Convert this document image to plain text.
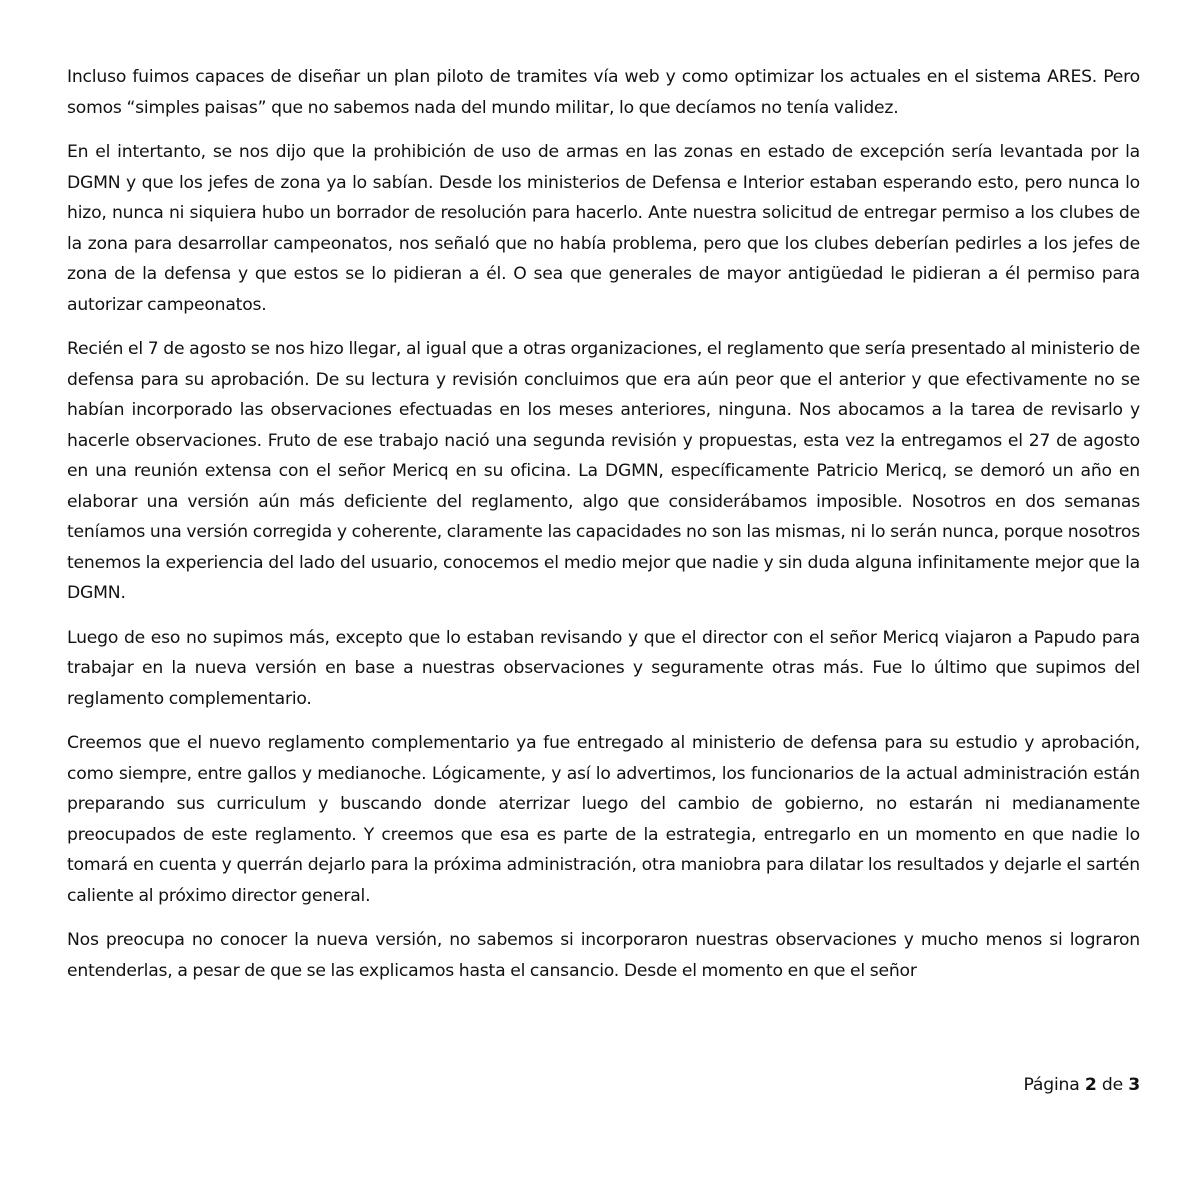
Incluso fuimos capaces de diseñar un plan piloto de tramites vía web y como optimizar los actuales en el sistema ARES. Pero somos “simples paisas” que no sabemos nada del mundo militar, lo que decíamos no tenía validez.

En el intertanto, se nos dijo que la prohibición de uso de armas en las zonas en estado de excepción sería levantada por la DGMN y que los jefes de zona ya lo sabían. Desde los ministerios de Defensa e Interior estaban esperando esto, pero nunca lo hizo, nunca ni siquiera hubo un borrador de resolución para hacerlo. Ante nuestra solicitud de entregar permiso a los clubes de la zona para desarrollar campeonatos, nos señaló que no había problema, pero que los clubes deberían pedirles a los jefes de zona de la defensa y que estos se lo pidieran a él. O sea que generales de mayor antigüedad le pidieran a él permiso para autorizar campeonatos.

Recién el 7 de agosto se nos hizo llegar, al igual que a otras organizaciones, el reglamento que sería presentado al ministerio de defensa para su aprobación. De su lectura y revisión concluimos que era aún peor que el anterior y que efectivamente no se habían incorporado las observaciones efectuadas en los meses anteriores, ninguna. Nos abocamos a la tarea de revisarlo y hacerle observaciones. Fruto de ese trabajo nació una segunda revisión y propuestas, esta vez la entregamos el 27 de agosto en una reunión extensa con el señor Mericq en su oficina. La DGMN, específicamente Patricio Mericq, se demoró un año en elaborar una versión aún más deficiente del reglamento, algo que considerábamos imposible. Nosotros en dos semanas teníamos una versión corregida y coherente, claramente las capacidades no son las mismas, ni lo serán nunca, porque nosotros tenemos la experiencia del lado del usuario, conocemos el medio mejor que nadie y sin duda alguna infinitamente mejor que la DGMN.

Luego de eso no supimos más, excepto que lo estaban revisando y que el director con el señor Mericq viajaron a Papudo para trabajar en la nueva versión en base a nuestras observaciones y seguramente otras más. Fue lo último que supimos del reglamento complementario.

Creemos que el nuevo reglamento complementario ya fue entregado al ministerio de defensa para su estudio y aprobación, como siempre, entre gallos y medianoche. Lógicamente, y así lo advertimos, los funcionarios de la actual administración están preparando sus curriculum y buscando donde aterrizar luego del cambio de gobierno, no estarán ni medianamente preocupados de este reglamento. Y creemos que esa es parte de la estrategia, entregarlo en un momento en que nadie lo tomará en cuenta y querrán dejarlo para la próxima administración, otra maniobra para dilatar los resultados y dejarle el sartén caliente al próximo director general.

Nos preocupa no conocer la nueva versión, no sabemos si incorporaron nuestras observaciones y mucho menos si lograron entenderlas, a pesar de que se las explicamos hasta el cansancio. Desde el momento en que el señor

Página 2 de 3
